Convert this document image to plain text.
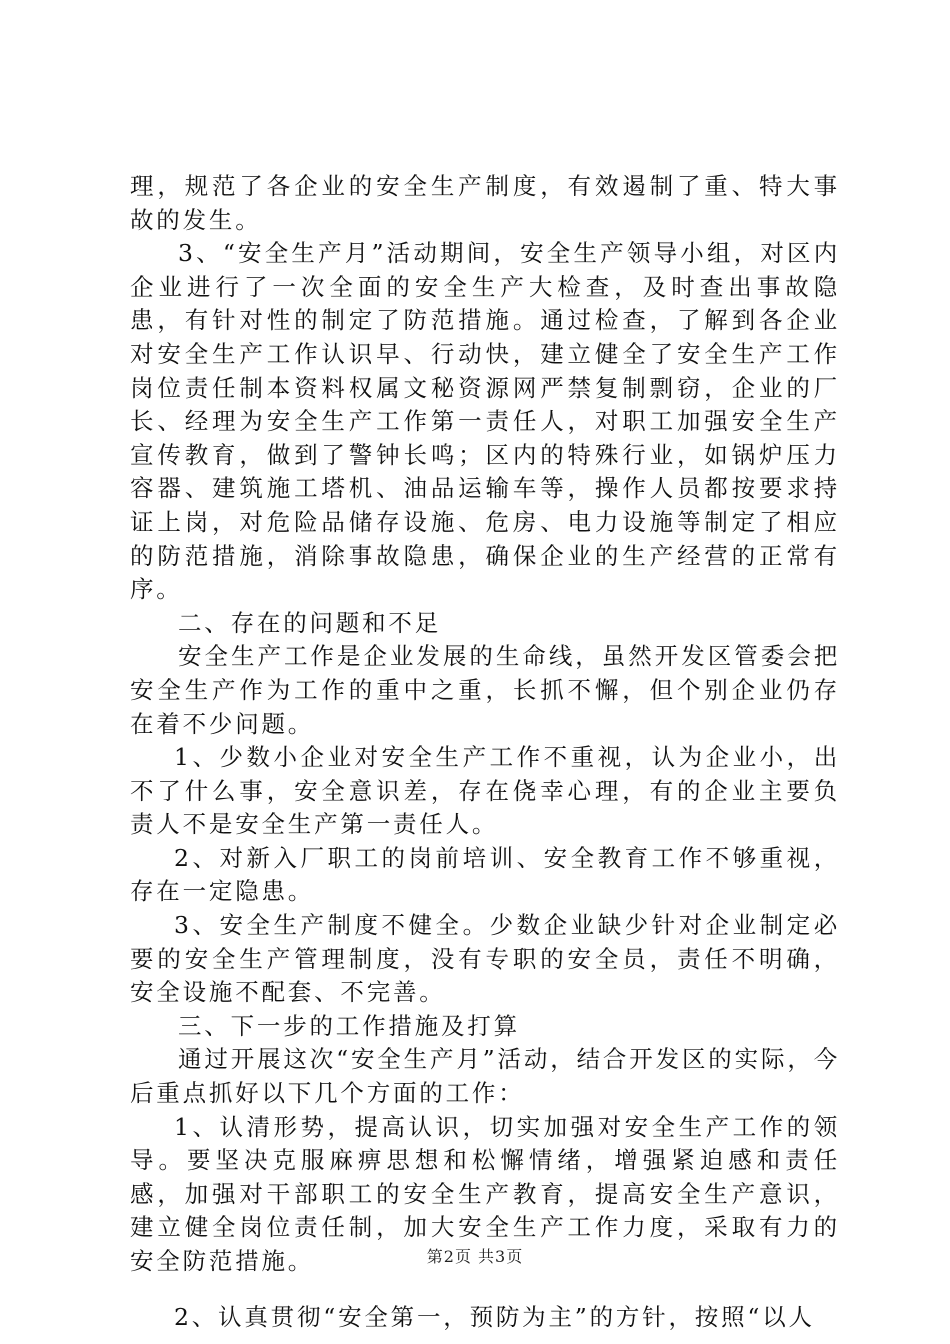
理，规范了各企业的安全生产制度，有效遏制了重、特大事故的发生。

3、“安全生产月”活动期间，安全生产领导小组，对区内企业进行了一次全面的安全生产大检查，及时查出事故隐患，有针对性的制定了防范措施。通过检查，了解到各企业对安全生产工作认识早、行动快，建立健全了安全生产工作岗位责任制本资料权属文秘资源网严禁复制剽窃，企业的厂长、经理为安全生产工作第一责任人，对职工加强安全生产宣传教育，做到了警钟长鸣；区内的特殊行业，如锅炉压力容器、建筑施工塔机、油品运输车等，操作人员都按要求持证上岗，对危险品储存设施、危房、电力设施等制定了相应的防范措施，消除事故隐患，确保企业的生产经营的正常有序。

二、存在的问题和不足

安全生产工作是企业发展的生命线，虽然开发区管委会把安全生产作为工作的重中之重，长抓不懈，但个别企业仍存在着不少问题。

1、少数小企业对安全生产工作不重视，认为企业小，出不了什么事，安全意识差，存在侥幸心理，有的企业主要负责人不是安全生产第一责任人。

2、对新入厂职工的岗前培训、安全教育工作不够重视，存在一定隐患。

3、安全生产制度不健全。少数企业缺少针对企业制定必要的安全生产管理制度，没有专职的安全员，责任不明确，安全设施不配套、不完善。

三、下一步的工作措施及打算

通过开展这次“安全生产月”活动，结合开发区的实际，今后重点抓好以下几个方面的工作：

1、认清形势，提高认识，切实加强对安全生产工作的领导。要坚决克服麻痹思想和松懈情绪，增强紧迫感和责任感，加强对干部职工的安全生产教育，提高安全生产意识，建立健全岗位责任制，加大安全生产工作力度，采取有力的安全防范措施。

2、认真贯彻“安全第一，预防为主”的方针，按照“以人

第2页 共3页
